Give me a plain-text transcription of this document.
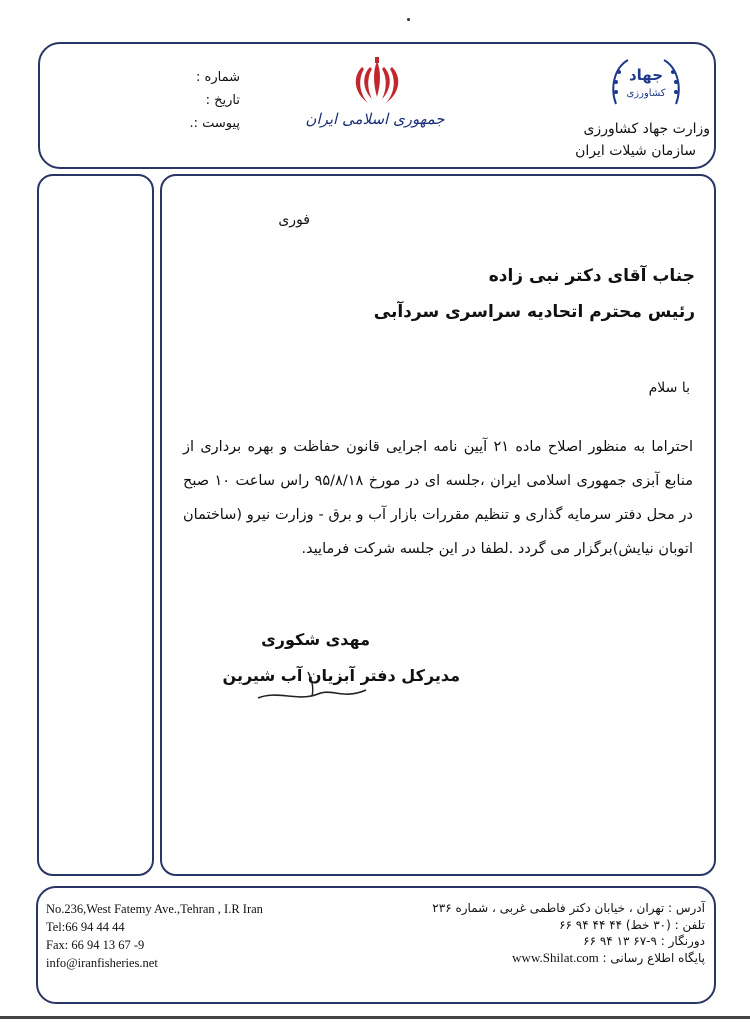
شماره :
تاریخ :
پیوست :.	جمهوری اسلامی ایران
جهاد
کشاورزی
وزارت جهاد کشاورزی
سازمان شیلات ایران
فوری
جناب آقای دکتر نبی زاده
رئیس محترم اتحادیه سراسری سردآبی
با سلام
احتراما به منظور اصلاح ماده ۲۱ آیین نامه اجرایی قانون حفاظت و بهره برداری از منابع آبزی جمهوری اسلامی ایران ،جلسه ای در مورخ ۹۵/۸/۱۸ راس ساعت ۱۰ صبح در محل دفتر سرمایه گذاری و تنظیم مقررات بازار آب و برق - وزارت نیرو (ساختمان اتوبان نیایش)برگزار می گردد .لطفا در این جلسه شرکت فرمایید.
مهدی شکوری
مدیرکل دفتر آبزیان آب شیرین
No.236,West Fatemy Ave.,Tehran , I.R Iran
Tel:66 94 44 44
Fax: 66 94 13 67 -9
info@iranfisheries.net
آدرس : تهران ، خیابان دکتر فاطمی غربی ، شماره ۲۳۶
تلفن : (۳۰ خط) ۴۴ ۴۴ ۹۴ ۶۶
دورنگار : ۹-۶۷ ۱۳ ۹۴ ۶۶
پایگاه اطلاع رسانی : www.Shilat.com
